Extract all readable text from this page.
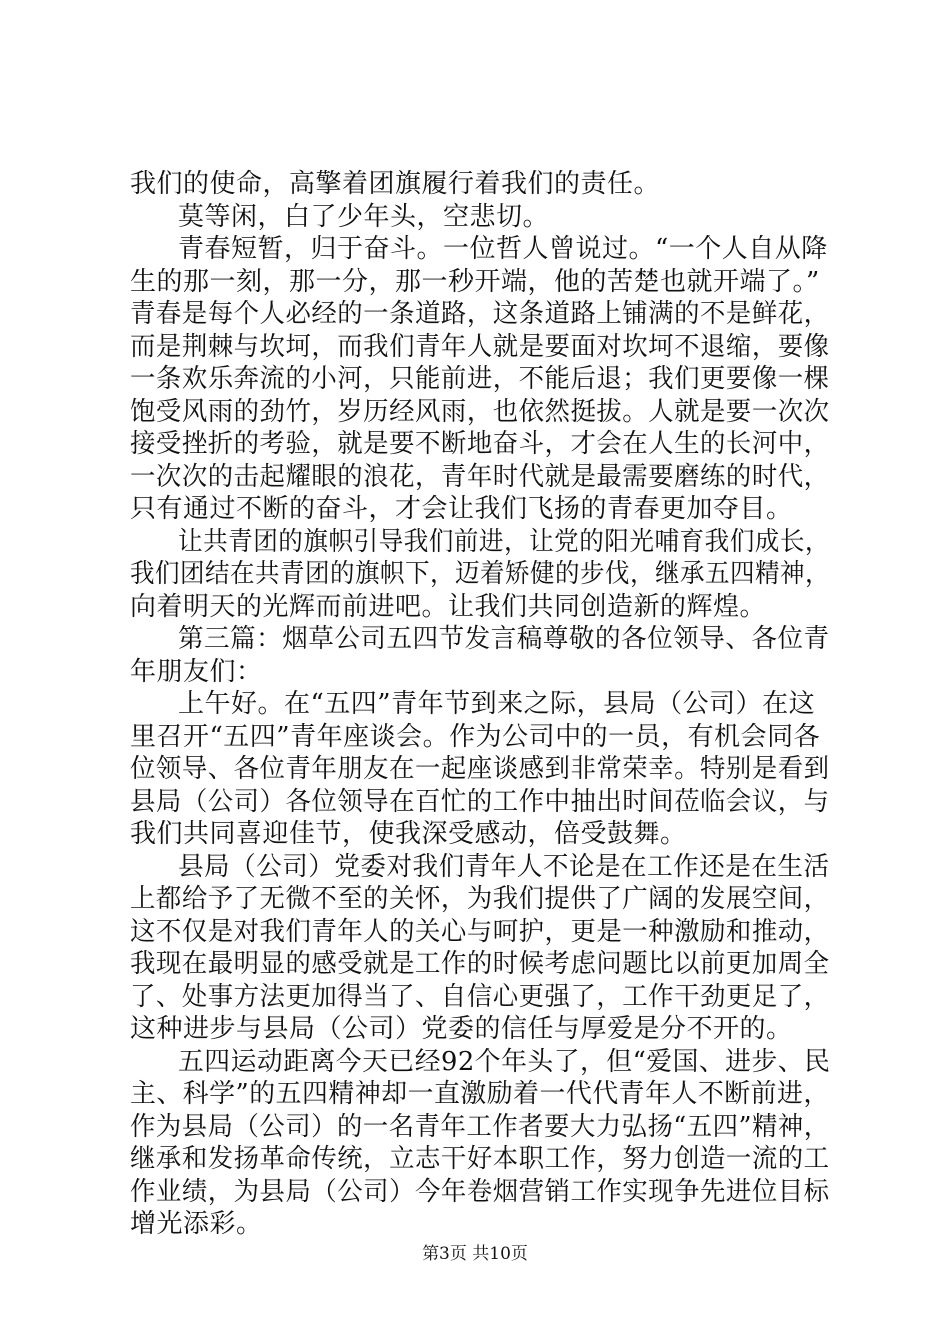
我们的使命，高擎着团旗履行着我们的责任。
莫等闲，白了少年头，空悲切。
青春短暂，归于奋斗。一位哲人曾说过。“一个人自从降
生的那一刻，那一分，那一秒开端，他的苦楚也就开端了。”
青春是每个人必经的一条道路，这条道路上铺满的不是鲜花，
而是荆棘与坎坷，而我们青年人就是要面对坎坷不退缩，要像
一条欢乐奔流的小河，只能前进，不能后退；我们更要像一棵
饱受风雨的劲竹，岁历经风雨，也依然挺拔。人就是要一次次
接受挫折的考验，就是要不断地奋斗，才会在人生的长河中，
一次次的击起耀眼的浪花，青年时代就是最需要磨练的时代，
只有通过不断的奋斗，才会让我们飞扬的青春更加夺目。
让共青团的旗帜引导我们前进，让党的阳光哺育我们成长，
我们团结在共青团的旗帜下，迈着矫健的步伐，继承五四精神，
向着明天的光辉而前进吧。让我们共同创造新的辉煌。
第三篇：烟草公司五四节发言稿尊敬的各位领导、各位青
年朋友们：
上午好。在“五四”青年节到来之际，县局（公司）在这
里召开“五四”青年座谈会。作为公司中的一员，有机会同各
位领导、各位青年朋友在一起座谈感到非常荣幸。特别是看到
县局（公司）各位领导在百忙的工作中抽出时间莅临会议，与
我们共同喜迎佳节，使我深受感动，倍受鼓舞。
县局（公司）党委对我们青年人不论是在工作还是在生活
上都给予了无微不至的关怀，为我们提供了广阔的发展空间，
这不仅是对我们青年人的关心与呵护，更是一种激励和推动，
我现在最明显的感受就是工作的时候考虑问题比以前更加周全
了、处事方法更加得当了、自信心更强了，工作干劲更足了，
这种进步与县局（公司）党委的信任与厚爱是分不开的。
五四运动距离今天已经92个年头了，但“爱国、进步、民
主、科学”的五四精神却一直激励着一代代青年人不断前进，
作为县局（公司）的一名青年工作者要大力弘扬“五四”精神，
继承和发扬革命传统，立志干好本职工作，努力创造一流的工
作业绩，为县局（公司）今年卷烟营销工作实现争先进位目标
增光添彩。
第3页 共10页
